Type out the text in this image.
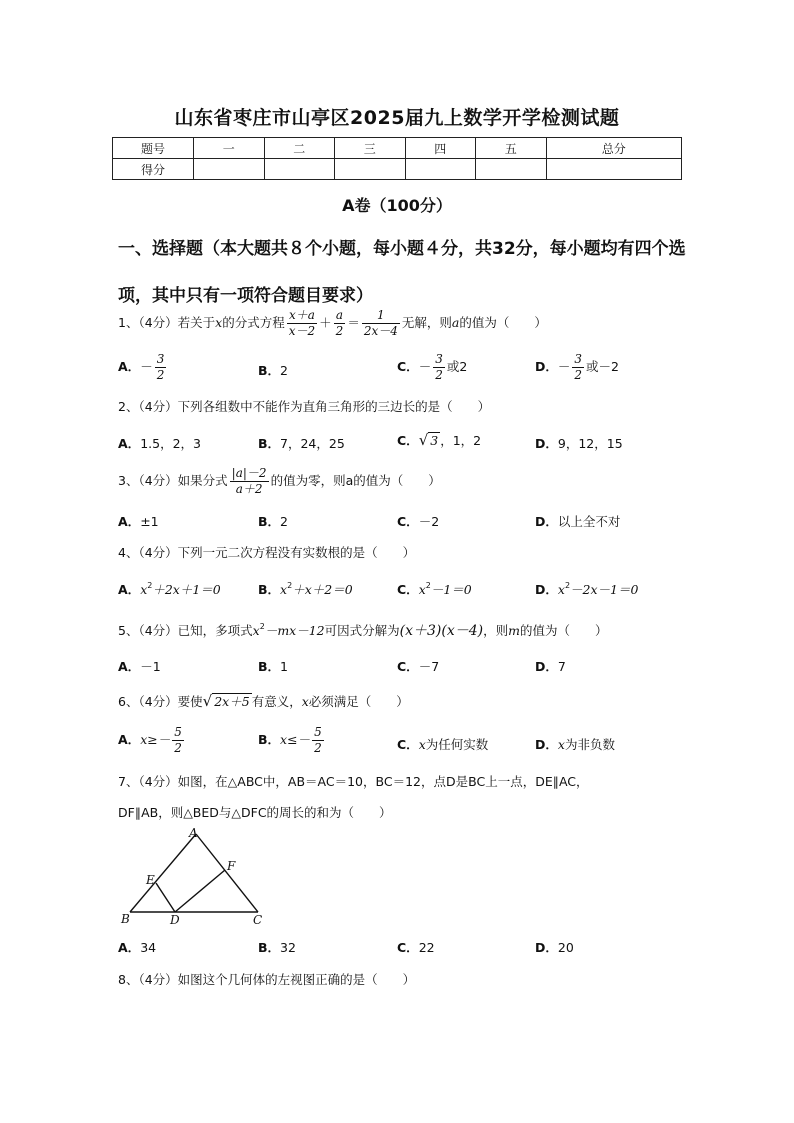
山东省枣庄市山亭区2025届九上数学开学检测试题
题号	一	二	三	四	五	总分
得分						
A卷（100分）
一、选择题（本大题共８个小题，每小题４分，共32分，每小题均有四个选项，其中只有一项符合题目要求）
1、（4分）若关于x的分式方程 $\frac{x+a}{x-2} + \frac{a}{2} = \frac{1}{2x-4}$ 无解，则a的值为（　　）
A．－ $\frac{3}{2}$	B．2	C．－ $\frac{3}{2}$ 或2	D．－ $\frac{3}{2}$ 或－2
2、（4分）下列各组数中不能作为直角三角形的三边长的是（　　）
A．1.5，2，3	B．7，24，25	C．√ 3 ，1，2	D．9，12，15
3、（4分）如果分式 $\frac{|a|-2}{a+2}$ 的值为零，则a的值为（　　）
A．±1	B．2	C．－2	D．以上全不对
4、（4分）下列一元二次方程没有实数根的是（　　）
A．$x^2+2x+1=0$	B．$x^2+x+2=0$	C．$x^2-1=0$	D．$x^2-2x-1=0$
5、（4分）已知，多项式$x^2-mx-12$可因式分解为(x＋3)(x－4)，则m的值为（　　）
A．－1	B．1	C．－7	D．7
6、（4分）要使√ 2x＋5 有意义，x必须满足（　　）
A．$x\ge- \frac{5}{2}$	B．$x\le- \frac{5}{2}$	C．x为任何实数	D．x为非负数
7、（4分）如图，在△ABC中，AB＝AC＝10，BC＝12，点D是BC上一点，DE∥AC，
DF∥AB，则△BED与△DFC的周长的和为（　　）
A
E
F
B	D	C
A．34	B．32	C．22	D．20
8、（4分）如图这个几何体的左视图正确的是（　　）
